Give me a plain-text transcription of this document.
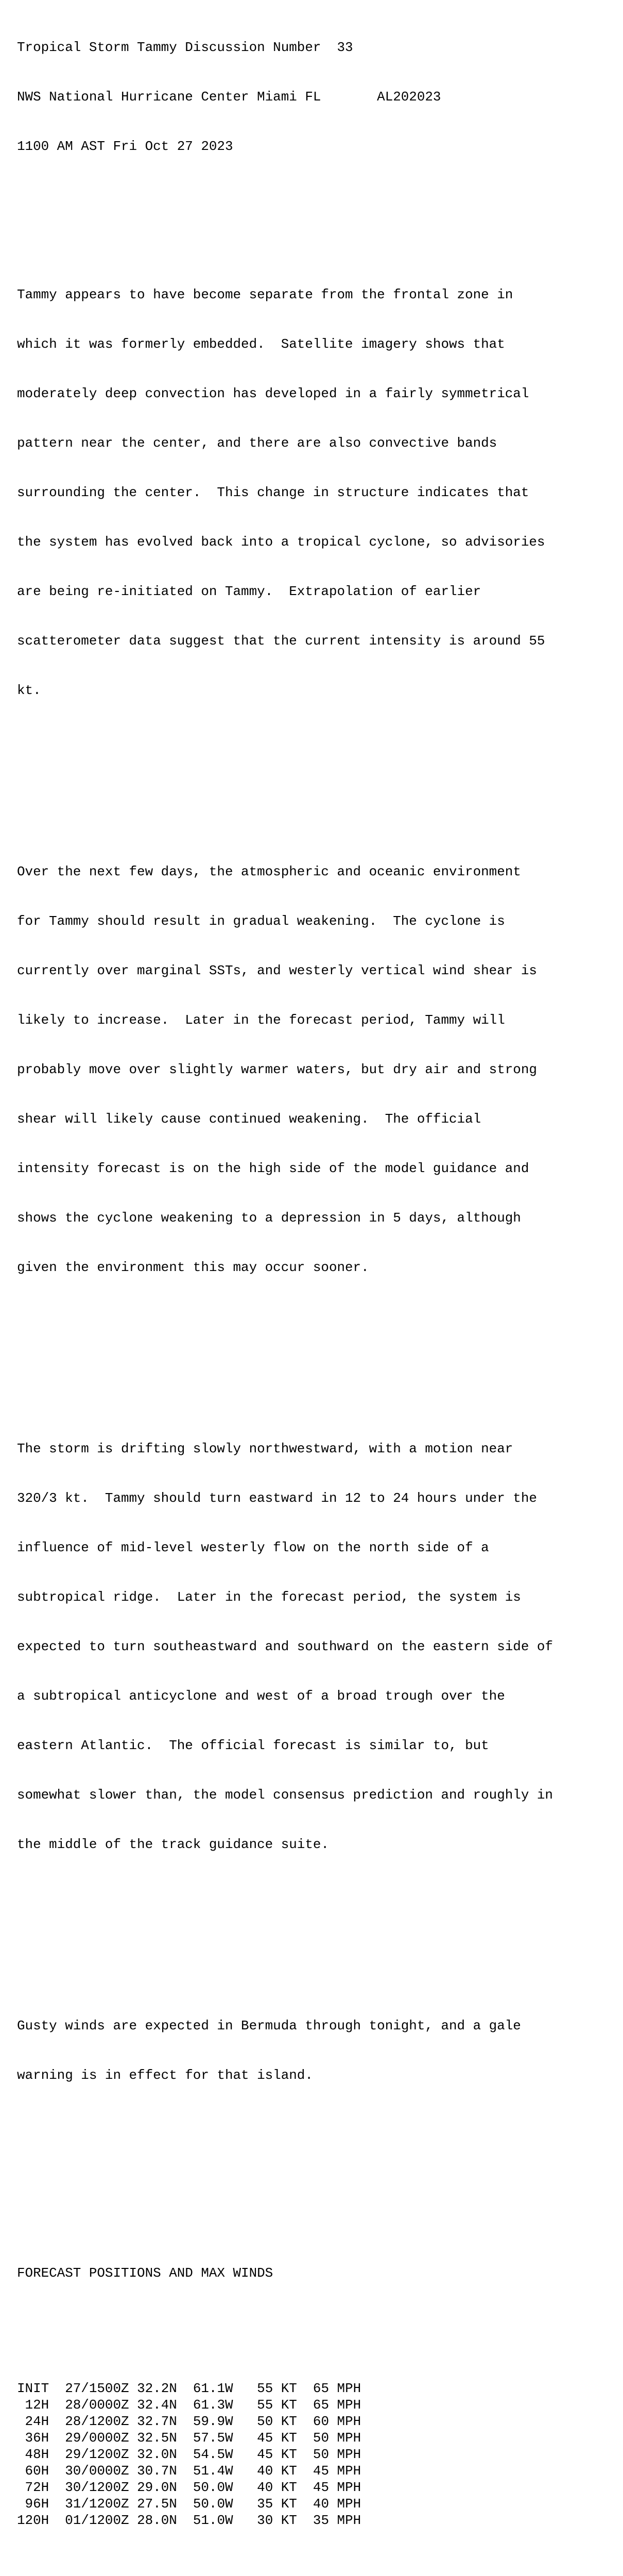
Tropical Storm Tammy Discussion Number  33

NWS National Hurricane Center Miami FL       AL202023

1100 AM AST Fri Oct 27 2023

Tammy appears to have become separate from the frontal zone in

which it was formerly embedded.  Satellite imagery shows that

moderately deep convection has developed in a fairly symmetrical

pattern near the center, and there are also convective bands

surrounding the center.  This change in structure indicates that

the system has evolved back into a tropical cyclone, so advisories

are being re-initiated on Tammy.  Extrapolation of earlier

scatterometer data suggest that the current intensity is around 55

kt.

Over the next few days, the atmospheric and oceanic environment

for Tammy should result in gradual weakening.  The cyclone is

currently over marginal SSTs, and westerly vertical wind shear is

likely to increase.  Later in the forecast period, Tammy will

probably move over slightly warmer waters, but dry air and strong

shear will likely cause continued weakening.  The official

intensity forecast is on the high side of the model guidance and

shows the cyclone weakening to a depression in 5 days, although

given the environment this may occur sooner.

The storm is drifting slowly northwestward, with a motion near

320/3 kt.  Tammy should turn eastward in 12 to 24 hours under the

influence of mid-level westerly flow on the north side of a

subtropical ridge.  Later in the forecast period, the system is

expected to turn southeastward and southward on the eastern side of

a subtropical anticyclone and west of a broad trough over the

eastern Atlantic.  The official forecast is similar to, but

somewhat slower than, the model consensus prediction and roughly in

the middle of the track guidance suite.

Gusty winds are expected in Bermuda through tonight, and a gale

warning is in effect for that island.

FORECAST POSITIONS AND MAX WINDS

INIT 27/1500Z 32.2N 61.1W 55 KT 65 MPH
12H 28/0000Z 32.4N 61.3W 55 KT 65 MPH
24H 28/1200Z 32.7N 59.9W 50 KT 60 MPH
36H 29/0000Z 32.5N 57.5W 45 KT 50 MPH
48H 29/1200Z 32.0N 54.5W 45 KT 50 MPH
60H 30/0000Z 30.7N 51.4W 40 KT 45 MPH
72H 30/1200Z 29.0N 50.0W 40 KT 45 MPH
96H 31/1200Z 27.5N 50.0W 35 KT 40 MPH
120H 01/1200Z 28.0N 51.0W 30 KT 35 MPH
